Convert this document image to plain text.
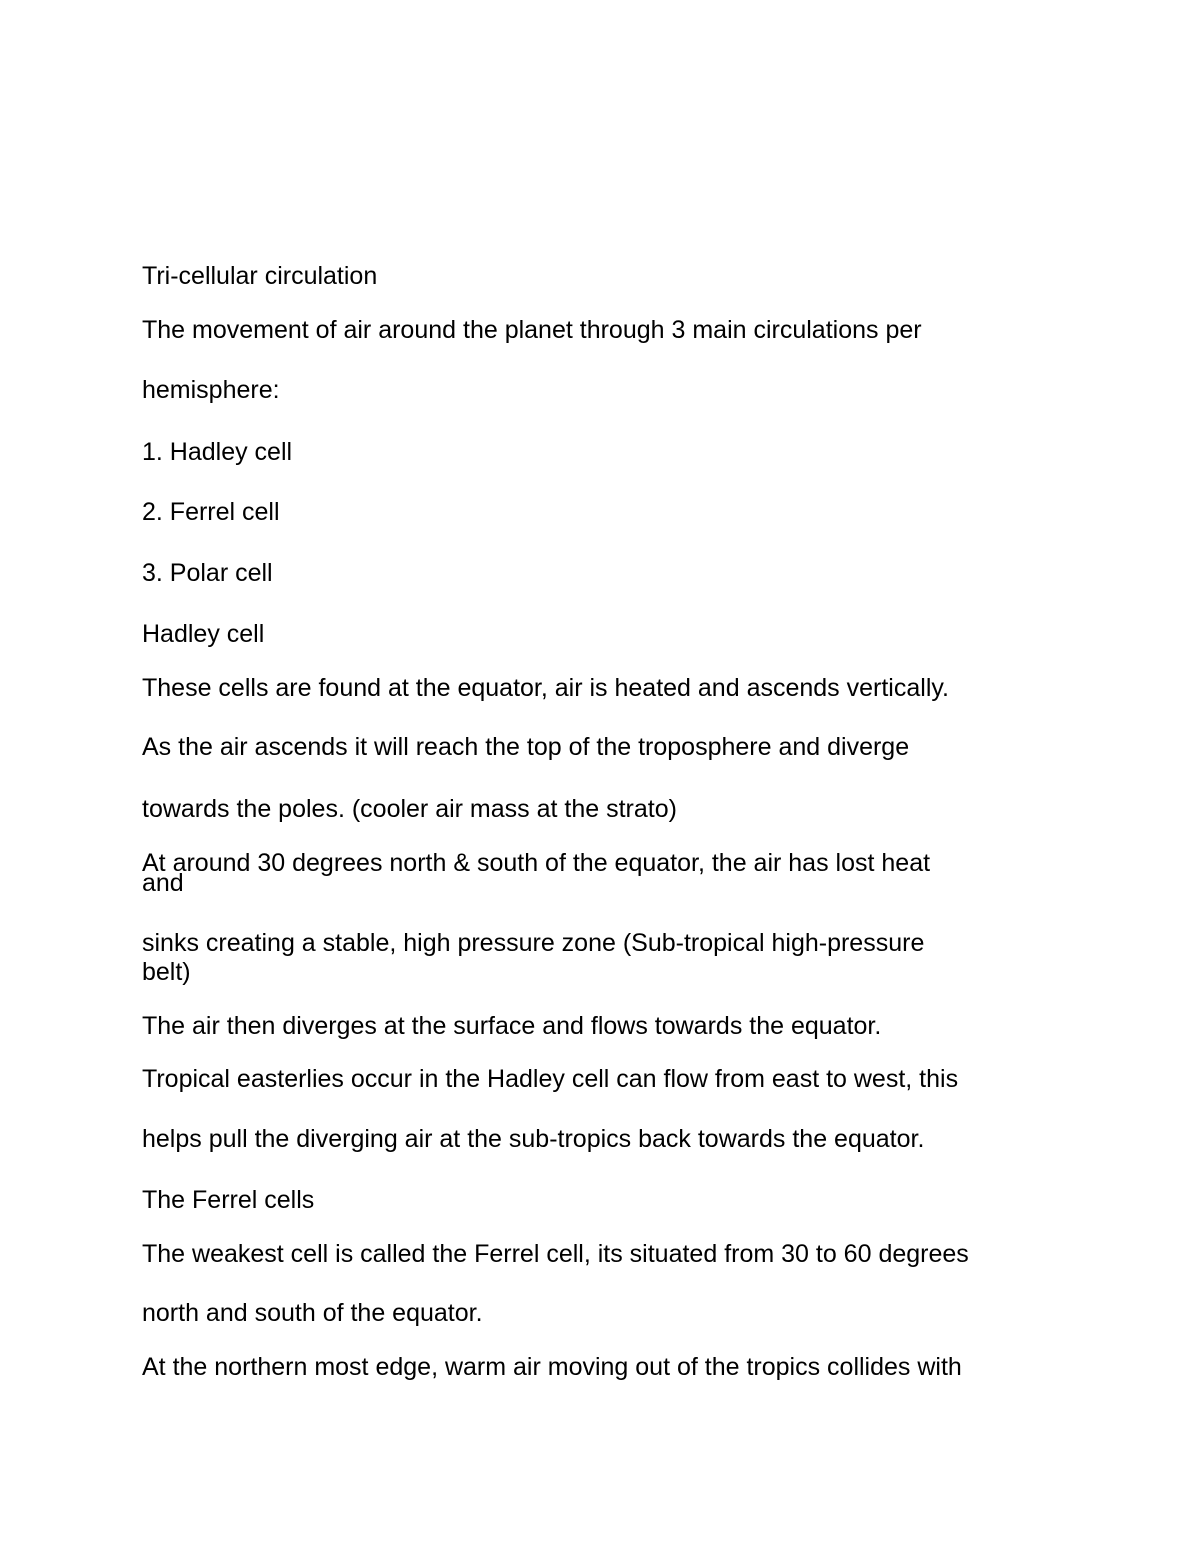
Tri-cellular circulation

The movement of air around the planet through 3 main circulations per

hemisphere:

1. Hadley cell

2. Ferrel cell

3. Polar cell

Hadley cell

These cells are found at the equator, air is heated and ascends vertically.

As the air ascends it will reach the top of the troposphere and diverge

towards the poles. (cooler air mass at the strato)

At around 30 degrees north & south of the equator, the air has lost heat

and

sinks creating a stable, high pressure zone (Sub-tropical high-pressure

belt)

The air then diverges at the surface and flows towards the equator.

Tropical easterlies occur in the Hadley cell can flow from east to west, this

helps pull the diverging air at the sub-tropics back towards the equator.

The Ferrel cells

The weakest cell is called the Ferrel cell, its situated from 30 to 60 degrees

north and south of the equator.

At the northern most edge, warm air moving out of the tropics collides with
